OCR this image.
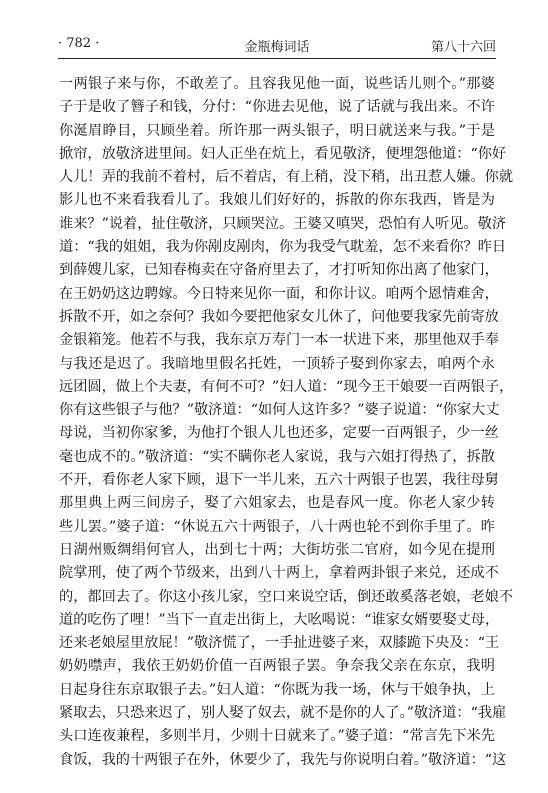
· 782 ·	金瓶梅词话	第八十六回
一两银子来与你，不敢差了。且容我见他一面，说些话儿则个。”那婆
子于是收了簪子和钱，分付：“你进去见他，说了话就与我出来。不许
你涎眉睁目，只顾坐着。所许那一两头银子，明日就送来与我。”于是
掀帘，放敬济进里间。妇人正坐在炕上，看见敬济，便埋怨他道：“你好
人儿！弄的我前不着村，后不着店，有上稍，没下稍，出丑惹人嫌。你就
影儿也不来看我看儿了。我娘儿们好好的，拆散的你东我西，皆是为
谁来？”说着，扯住敬济，只顾哭泣。王婆又嗔哭，恐怕有人听见。敬济
道：“我的姐姐，我为你剐皮剐肉，你为我受气耽羞，怎不来看你？昨日
到薛嫂儿家，已知春梅卖在守备府里去了，才打听知你出离了他家门，
在王奶奶这边聘嫁。今日特来见你一面，和你计议。咱两个恩情难舍，
拆散不开，如之奈何？我如今要把他家女儿休了，问他要我家先前寄放
金银箱笼。他若不与我，我东京万寿门一本一状进下来，那里他双手奉
与我还是迟了。我暗地里假名托姓，一顶轿子娶到你家去，咱两个永
远团圆，做上个夫妻，有何不可？”妇人道：“现今王干娘要一百两银子，
你有这些银子与他？”敬济道：“如何人这许多？”婆子说道：“你家大丈
母说，当初你家爹，为他打个银人儿也还多，定要一百两银子，少一丝
毫也成不的。”敬济道：“实不瞒你老人家说，我与六姐打得热了，拆散
不开，看你老人家下顾，退下一半儿来，五六十两银子也罢，我往母舅
那里典上两三间房子，娶了六姐家去，也是春风一度。你老人家少转
些儿罢。”婆子道：“休说五六十两银子，八十两也轮不到你手里了。昨
日湖州贩绸绢何官人，出到七十两；大街坊张二官府，如今见在提刑
院掌刑，使了两个节级来，出到八十两上，拿着两卦银子来兑，还成不
的，都回去了。你这小孩儿家，空口来说空话，倒还敢奚落老娘，老娘不
道的吃伤了哩！”当下一直走出街上，大吆喝说：“谁家女婿要娶丈母，
还来老娘屋里放屁！”敬济慌了，一手扯进婆子来，双膝跪下央及：“王
奶奶噤声，我依王奶奶价值一百两银子罢。争奈我父亲在东京，我明
日起身往东京取银子去。”妇人道：“你既为我一场，休与干娘争执，上
紧取去，只恐来迟了，别人娶了奴去，就不是你的人了。”敬济道：“我雇
头口连夜兼程，多则半月，少则十日就来了。”婆子道：“常言先下米先
食饭，我的十两银子在外，休要少了，我先与你说明白着。”敬济道：“这
